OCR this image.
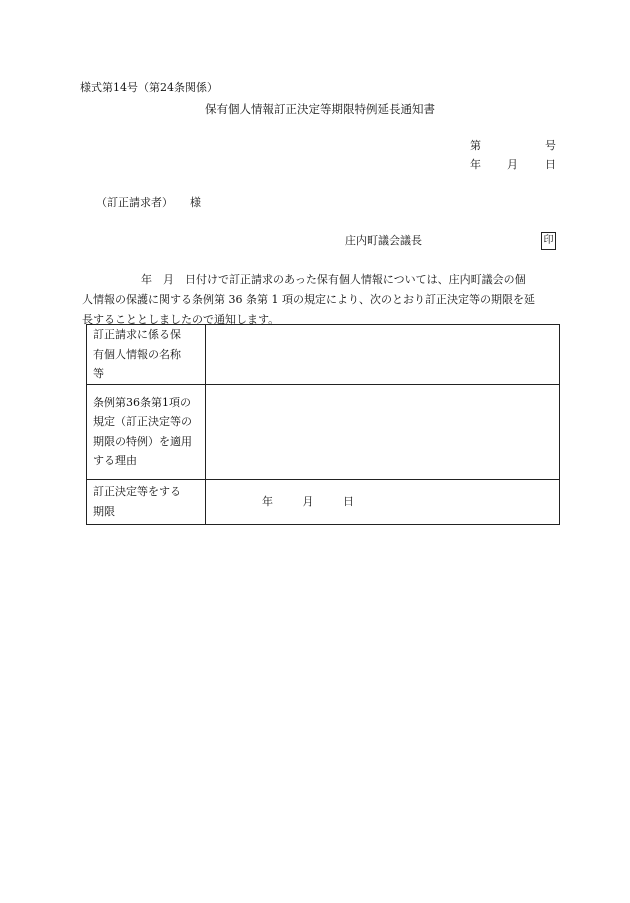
様式第14号（第24条関係）
保有個人情報訂正決定等期限特例延長通知書
第	号
年 月 日
（訂正請求者） 様
庄内町議会議長	印
年　月　日付けで訂正請求のあった保有個人情報については、庄内町議会の個
人情報の保護に関する条例第 36 条第 1 項の規定により、次のとおり訂正決定等の期限を延
長することとしましたので通知します。
訂正請求に係る保
有個人情報の名称
等	

条例第36条第1項の
規定（訂正決定等の
期限の特例）を適用
する理由	

訂正決定等をする
期限	年 月 日
